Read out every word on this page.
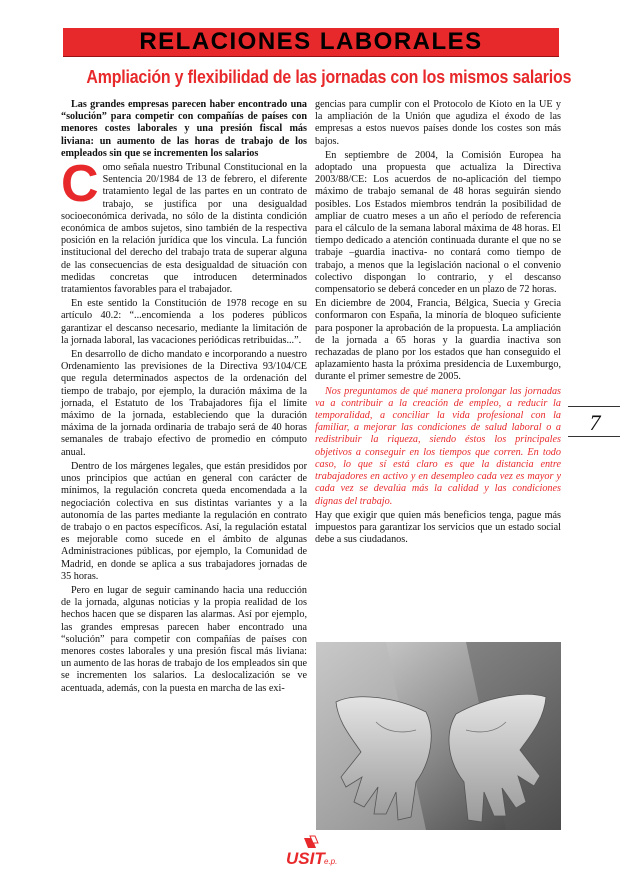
RELACIONES LABORALES
Ampliación y flexibilidad de las jornadas con los mismos salarios

Las grandes empresas parecen haber encontrado una “solución” para competir con compañías de países con menores costes laborales y una presión fiscal más liviana: un aumento de las horas de trabajo de los empleados sin que se incrementen los salarios

Como señala nuestro Tribunal Constitucional en la Sentencia 20/1984 de 13 de febrero, el diferente tratamiento legal de las partes en un contrato de trabajo, se justifica por una desigualdad socioeconómica derivada, no sólo de la distinta condición económica de ambos sujetos, sino también de la respectiva posición en la relación jurídica que los vincula. La función institucional del derecho del trabajo trata de superar alguna de las consecuencias de esta desigualdad de situación con medidas concretas que introducen determinados tratamientos favorables para el trabajador.

En este sentido la Constitución de 1978 recoge en su artículo 40.2: “...encomienda a los poderes públicos garantizar el descanso necesario, mediante la limitación de la jornada laboral, las vacaciones periódicas retribuidas...”.

En desarrollo de dicho mandato e incorporando a nuestro Ordenamiento las previsiones de la Directiva 93/104/CE que regula determinados aspectos de la ordenación del tiempo de trabajo, por ejemplo, la duración máxima de la jornada, el Estatuto de los Trabajadores fija el límite máximo de la jornada, estableciendo que la duración máxima de la jornada ordinaria de trabajo será de 40 horas semanales de trabajo efectivo de promedio en cómputo anual.

Dentro de los márgenes legales, que están presididos por unos principios que actúan en general con carácter de mínimos, la regulación concreta queda encomendada a la negociación colectiva en sus distintas variantes y a la autonomía de las partes mediante la regulación en contrato de trabajo o en pactos específicos. Así, la regulación estatal es mejorable como sucede en el ámbito de algunas Administraciones públicas, por ejemplo, la Comunidad de Madrid, en donde se aplica a sus trabajadores jornadas de 35 horas.

Pero en lugar de seguir caminando hacia una reducción de la jornada, algunas noticias y la propia realidad de los hechos hacen que se disparen las alarmas. Así por ejemplo, las grandes empresas parecen haber encontrado una “solución” para competir con compañías de países con menores costes laborales y una presión fiscal más liviana: un aumento de las horas de trabajo de los empleados sin que se incrementen los salarios. La deslocalización se ve acentuada, además, con la puesta en marcha de las exi-

gencias para cumplir con el Protocolo de Kioto en la UE y la ampliación de la Unión que agudiza el éxodo de las empresas a estos nuevos países donde los costes son más bajos.

En septiembre de 2004, la Comisión Europea ha adoptado una propuesta que actualiza la Directiva 2003/88/CE: Los acuerdos de no-aplicación del tiempo máximo de trabajo semanal de 48 horas seguirán siendo posibles. Los Estados miembros tendrán la posibilidad de ampliar de cuatro meses a un año el período de referencia para el cálculo de la semana laboral máxima de 48 horas. El tiempo dedicado a atención continuada durante el que no se trabaje –guardia inactiva- no contará como tiempo de trabajo, a menos que la legislación nacional o el convenio colectivo dispongan lo contrario, y el descanso compensatorio se deberá conceder en un plazo de 72 horas.

En diciembre de 2004, Francia, Bélgica, Suecia y Grecia conformaron con España, la minoría de bloqueo suficiente para posponer la aprobación de la propuesta. La ampliación de la jornada a 65 horas y la guardia inactiva son rechazadas de plano por los estados que han conseguido el aplazamiento hasta la próxima presidencia de Luxemburgo, durante el primer semestre de 2005.

Nos preguntamos de qué manera prolongar las jornadas va a contribuir a la creación de empleo, a reducir la temporalidad, a conciliar la vida profesional con la familiar, a mejorar las condiciones de salud laboral o a redistribuir la riqueza, siendo éstos los principales objetivos a conseguir en los tiempos que corren. En todo caso, lo que sí está claro es que la distancia entre trabajadores en activo y en desempleo cada vez es mayor y cada vez se devalúa más la calidad y las condiciones dignas del trabajo.

Hay que exigir que quien más beneficios tenga, pague más impuestos para garantizar los servicios que un estado social debe a sus ciudadanos.

7
USIT e.p.
